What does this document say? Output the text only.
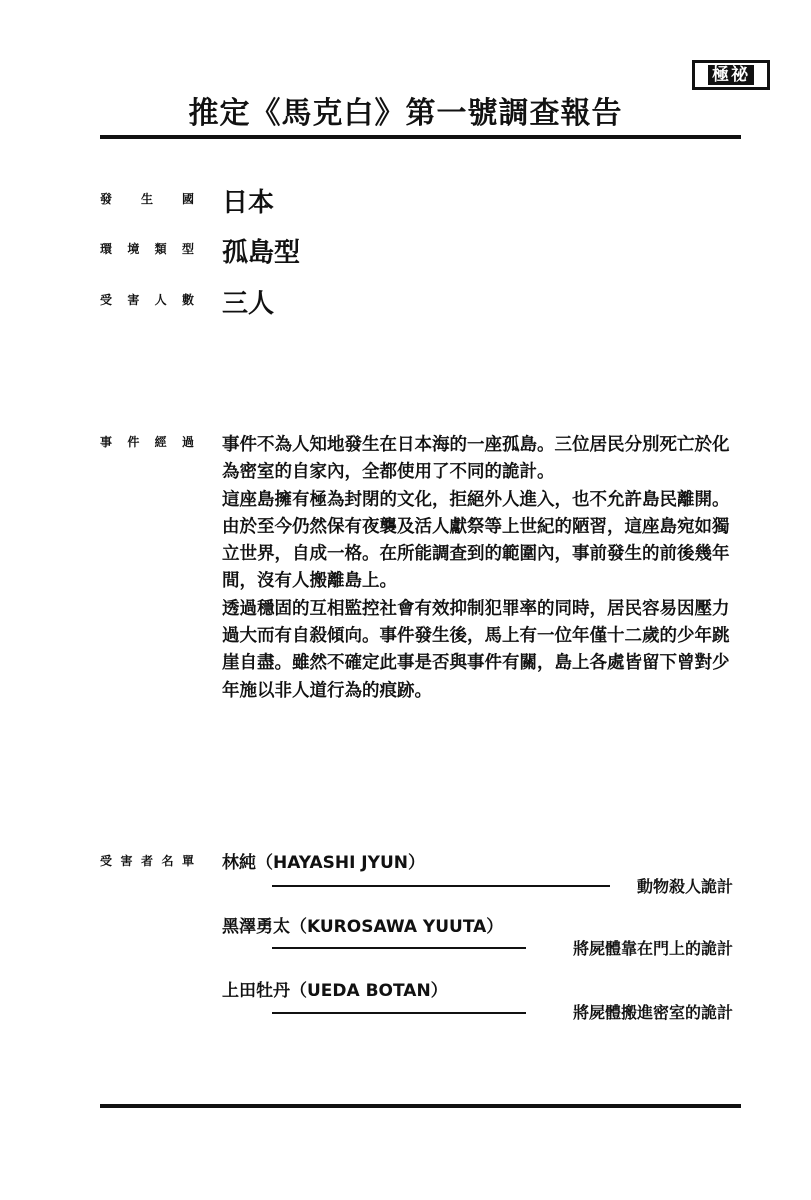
極祕
推定《馬克白》第一號調查報告
發 生 國 日本
環 境 類 型 孤島型
受 害 人 數 三人
事 件 經 過 事件不為人知地發生在日本海的一座孤島。三位居民分別死亡於化為密室的自家內，全都使用了不同的詭計。

這座島擁有極為封閉的文化，拒絕外人進入，也不允許島民離開。由於至今仍然保有夜襲及活人獻祭等上世紀的陋習，這座島宛如獨立世界，自成一格。在所能調查到的範圍內，事前發生的前後幾年間，沒有人搬離島上。

透過穩固的互相監控社會有效抑制犯罪率的同時，居民容易因壓力過大而有自殺傾向。事件發生後，馬上有一位年僅十二歲的少年跳崖自盡。雖然不確定此事是否與事件有關，島上各處皆留下曾對少年施以非人道行為的痕跡。

受 害 者 名 單 林純（HAYASHI JYUN）
動物殺人詭計
黑澤勇太（KUROSAWA YUUTA）
將屍體靠在門上的詭計
上田牡丹（UEDA BOTAN）
將屍體搬進密室的詭計
